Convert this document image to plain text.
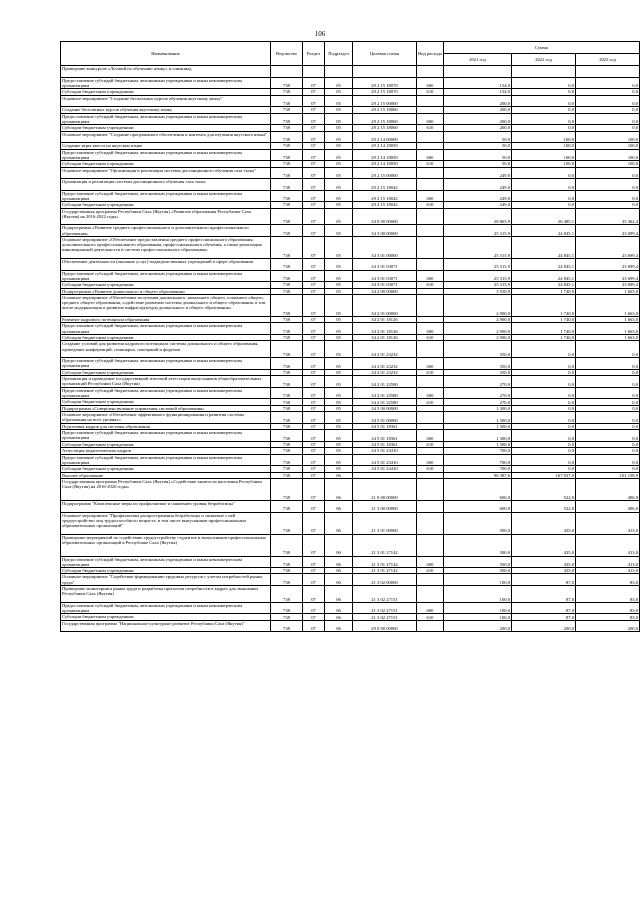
106
Наименование	Ведомство	Раздел	Подраздел	Целевая статья	Вид расхода	Сумма		
						2021 год	2022 год	2023 год
Проведение конкурсов «Лучший по обучению языку» и олимпиад								
Предоставление субсидий бюджетным, автономным учреждениям и иным некоммерческим организациям	738	07	05	29 2 15 18070	600	154,0	0,0	0,0
Субсидии бюджетным учреждениям	738	07	05	29 2 15 18070	610	154,0	0,0	0,0
Основное мероприятие "Создание бесплатных курсов обучения якутскому языку"	738	07	05	29 2 15 00000		200,0	0,0	0,0
Создание бесплатных курсов обучения якутскому языку	738	07	05	29 2 15 18060		200,0	0,0	0,0
Предоставление субсидий бюджетным, автономным учреждениям и иным некоммерческим организациям	738	07	05	29 2 15 18060	600	200,0	0,0	0,0
Субсидии бюджетным учреждениям	738	07	05	29 2 15 18060	610	200,0	0,0	0,0
Основное мероприятие "Создание программного обеспечения и контента для изучения якутского языка"	738	07	05	29 2 14 00000		50,0	100,0	100,0
Создание игры квеста на якутском языке	738	07	05	29 2 14 18050		50,0	100,0	100,0
Предоставление субсидий бюджетным, автономным учреждениям и иным некоммерческим организациям	738	07	05	29 2 14 18050	600	50,0	100,0	100,0
Субсидии бюджетным учреждениям	738	07	05	29 2 14 18050	610	50,0	100,0	100,0
Основное мероприятие "Организация и реализация системы дистанционного обучения саха тылы"	738	07	05	29 2 15 00000		249,0	0,0	0,0
Организация и реализация системы дистанционного обучения саха тылы	738	07	05	29 2 15 18042		249,0	0,0	0,0
Предоставление субсидий бюджетным, автономным учреждениям и иным некоммерческим организациям	738	07	05	29 2 15 18042	600	249,0	0,0	0,0
Субсидии бюджетным учреждениям	738	07	05	29 2 15 18042	610	249,0	0,0	0,0
Государственная программа Республики Саха (Якутия) «Развитие образования Республики Саха (Якутия) на 2016-2022 годы»	738	07	05	34 0 00 00000		28 865,9	26 485,1	25 362,4
Подпрограмма «Развитие среднего профессионального и дополнительного профессионального образования»	738	07	05	34 3 00 00000		25 315,9	24 845,1	23 699,4
Основное мероприятие «Обеспечение предоставления среднего профессионального образования, дополнительного профессионального образования, профессионального обучения, а также реализация инновационной деятельности в системе профессионального образования»	738	07	05	34 3 01 00000		25 315,9	24 845,1	23 699,4
Обеспечение деятельности (оказание услуг) подведомственных учреждений в сфере образования	738	07	05	34 3 01 03071		25 315,9	24 845,1	23 699,4
Предоставление субсидий бюджетным, автономным учреждениям и иным некоммерческим организациям	738	07	05	34 3 01 03071	600	25 315,9	24 845,1	23 699,4
Субсидии бюджетным учреждениям	738	07	05	34 3 01 03071	610	25 315,9	24 845,1	23 699,4
Подпрограмма «Развитие дошкольного и общего образования»	738	07	05	34 2 00 00000		3 550,0	1 740,0	1 663,0
Основное мероприятие «Обеспечение получения дошкольного, начального общего, основного общего, среднего общего образования, содействие развитию системы дошкольного и общего образования, в том числе модернизация и развитие инфраструктуры дошкольного и общего образования»	738	07	05	34 2 01 00000		2 900,0	1 740,0	1 663,0
Развитие кадрового потенциала образования	738	07	05	34 2 01 18126		2 900,0	1 740,0	1 663,0
Предоставление субсидий бюджетным, автономным учреждениям и иным некоммерческим организациям	738	07	05	34 2 01 18126	600	2 900,0	1 740,0	1 663,0
Субсидии бюджетным учреждениям	738	07	05	34 2 01 18126	610	2 900,0	1 740,0	1 663,0
Создание условий для развития кадрового потенциала системы дошкольного и общего образования, проведение конференций, семинаров, совещаний и форумов	738	07	05	34 2 01 23232		350,0	0,0	0,0
Предоставление субсидий бюджетным, автономным учреждениям и иным некоммерческим организациям	738	07	05	34 2 01 23232	600	350,0	0,0	0,0
Субсидии бюджетным учреждениям	738	07	05	34 2 01 23232	610	350,0	0,0	0,0
Организация и проведение государственной итоговой аттестации выпускников общеобразовательных организаций Республики Саха (Якутия)	738	07	05	34 2 01 22580		270,0	0,0	0,0
Предоставление субсидий бюджетным, автономным учреждениям и иным некоммерческим организациям	738	07	05	34 2 01 22580	600	270,0	0,0	0,0
Субсидии бюджетным учреждениям	738	07	05	34 2 01 22580	610	270,0	0,0	0,0
Подпрограмма «Совершенствование управления системой образования»	738	07	05	34 5 00 00000		1 300,0	0,0	0,0
Основное мероприятие «Обеспечение эффективного функционирования и развития системы образования на всех уровнях»	738	07	05	34 5 01 00000		1 300,0	0,0	0,0
Подготовка кадров для системы образования	738	07	05	34 5 01 18361		1 300,0	0,0	0,0
Предоставление субсидий бюджетным, автономным учреждениям и иным некоммерческим организациям	738	07	05	34 5 01 18361	600	1 300,0	0,0	0,0
Субсидии бюджетным учреждениям	738	07	05	34 5 01 18361	610	1 300,0	0,0	0,0
Аттестация педагогических кадров	738	07	05	34 5 01 23410		700,0	0,0	0,0
Предоставление субсидий бюджетным, автономным учреждениям и иным некоммерческим организациям	738	07	05	34 5 01 23410	600	700,0	0,0	0,0
Субсидии бюджетным учреждениям	738	07	05	34 5 01 23410	610	700,0	0,0	0,0
Высшее образование	738	07	06			96 387,6	167 037,9	101 158,9
Государственная программа Республики Саха (Якутия) «Содействие занятости населения Республики Саха (Якутия) на 2016-2020 годы»	738	07	06	21 0 00 00000		600,0	522,0	496,0
Подпрограмма "Комплексные меры по профилактике и снижению уровня безработицы"	738	07	06	21 3 00 00000		600,0	522,0	496,0
Основное мероприятие "Профилактика распространения безработицы и снижение с ней трудоустройство лиц трудоспособного возраста, в том числе выпускников профессиональных образовательных организаций"	738	07	06	21 3 01 00000		500,0	435,0	413,0
Проведение мероприятий по содействию трудоустройству студентов и выпускников профессиональных образовательных организаций в Республике Саха (Якутия)	738	07	06	21 3 01 27142		500,0	435,0	413,0
Предоставление субсидий бюджетным, автономным учреждениям и иным некоммерческим организациям	738	07	06	21 3 01 27142	600	500,0	435,0	413,0
Субсидии бюджетным учреждениям	738	07	06	21 3 01 27142	610	500,0	435,0	413,0
Основное мероприятие "Содействие формированию трудовых ресурсов с учетом потребностей рынка труда"	738	07	06	21 3 02 00000		100,0	87,0	83,0
Проведение мониторинга рынка труда и разработка прогнозов потребности в кадрах для экономики Республики Саха (Якутия)	738	07	06	21 3 02 27151		100,0	87,0	83,0
Предоставление субсидий бюджетным, автономным учреждениям и иным некоммерческим организациям	738	07	06	21 3 02 27151	600	100,0	87,0	83,0
Субсидии бюджетным учреждениям	738	07	06	21 3 02 27151	610	100,0	87,0	83,0
Государственная программа "Национальное культурное развитие Республики Саха (Якутия)"	738	07	06	29 0 00 00000		200,0	200,0	200,0
